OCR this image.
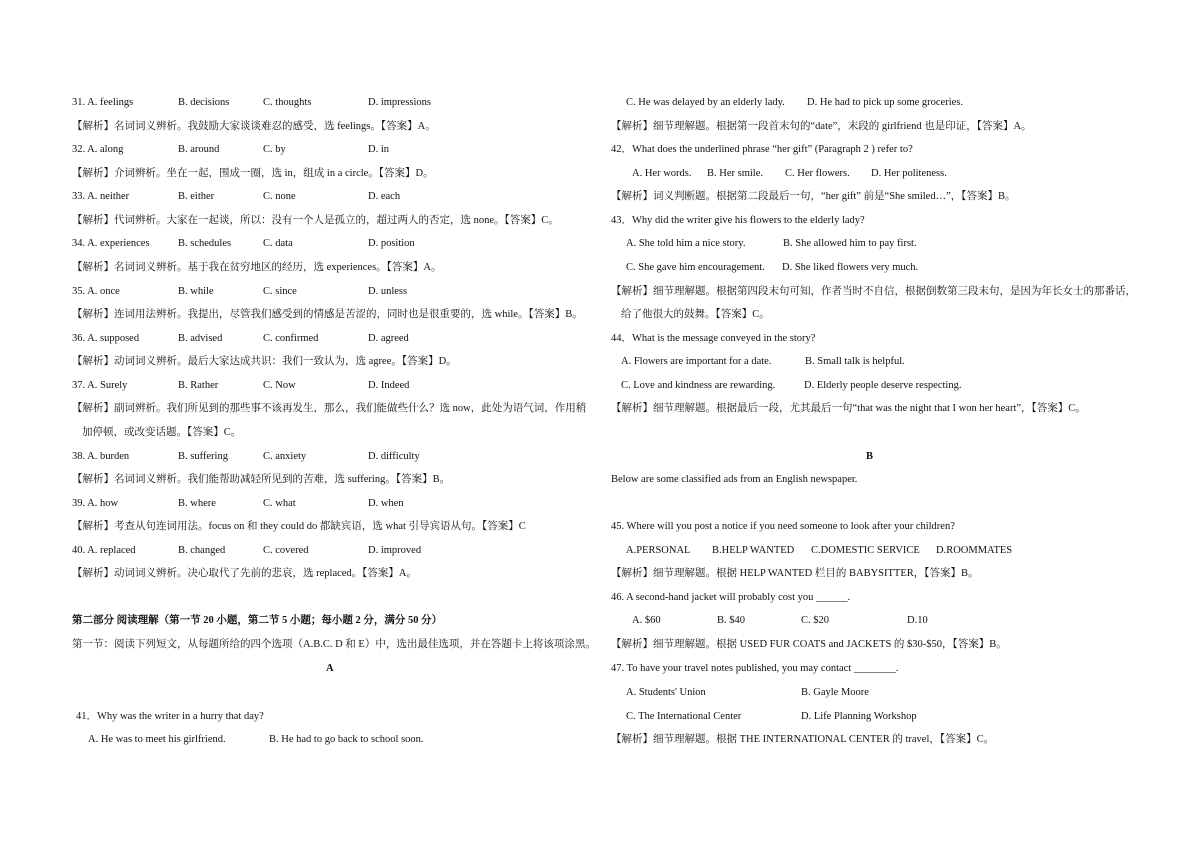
31. A. feelings	B. decisions	C. thoughts	D. impressions
【解析】名词词义辨析。我鼓励大家谈谈难忍的感受，选 feelings。【答案】A。
32. A. along	B. around	C. by	D. in
【解析】介词辨析。坐在一起，围成一圈，选 in，组成 in a circle。【答案】D。
33. A. neither	B. either	C. none	D. each
【解析】代词辨析。大家在一起谈，所以：没有一个人是孤立的，超过两人的否定，选 none。【答案】C。
34. A. experiences	B. schedules	C. data	D. position
【解析】名词词义辨析。基于我在贫穷地区的经历，选 experiences。【答案】A。
35. A. once	B. while	C. since	D. unless
【解析】连词用法辨析。我提出，尽管我们感受到的情感是苦涩的，同时也是很重要的，选 while。【答案】B。
36. A. supposed	B. advised	C. confirmed	D. agreed
【解析】动词词义辨析。最后大家达成共识：我们一致认为，选 agree。【答案】D。
37. A. Surely	B. Rather	C. Now	D. Indeed
【解析】副词辨析。我们所见到的那些事不该再发生，那么，我们能做些什么？选 now，此处为语气词，作用稍
加停顿，或改变话题。【答案】C。
38. A. burden	B. suffering	C. anxiety	D. difficulty
【解析】名词词义辨析。我们能帮助减轻所见到的苦难，选 suffering。【答案】B。
39. A. how	B. where	C. what	D. when
【解析】考查从句连词用法。focus on 和 they could do 都缺宾语，选 what 引导宾语从句。【答案】C
40. A. replaced	B. changed	C. covered	D. improved
【解析】动词词义辨析。决心取代了先前的悲哀，选 replaced。【答案】A。
第二部分 阅读理解（第一节 20 小题，第二节 5 小题；每小题 2 分，满分 50 分）
第一节：阅读下列短文，从每题所给的四个选项（A.B.C. D 和 E）中，选出最佳选项，并在答题卡上将该项涂黑。
A
41．Why was the writer in a hurry that day?
A. He was to meet his girlfriend.	B. He had to go back to school soon.
C. He was delayed by an elderly lady. D. He had to pick up some groceries.
【解析】细节理解题。根据第一段首末句的“date”，末段的 girlfriend 也是印证，【答案】A。
42．What does the underlined phrase “her gift” (Paragraph 2 ) refer to?
A. Her words. B. Her smile. C. Her flowers. D. Her politeness.
【解析】词义判断题。根据第二段最后一句，“her gift” 前是“She smiled…”，【答案】B。
43．Why did the writer give his flowers to the elderly lady?
A. She told him a nice story.	B. She allowed him to pay first.
C. She gave him encouragement. D. She liked flowers very much.
【解析】细节理解题。根据第四段末句可知，作者当时不自信，根据倒数第三段末句，是因为年长女士的那番话，
给了他很大的鼓舞。【答案】C。
44．What is the message conveyed in the story?
A. Flowers are important for a date.	B. Small talk is helpful.
C. Love and kindness are rewarding.	D. Elderly people deserve respecting.
【解析】细节理解题。根据最后一段，尤其最后一句“that was the night that I won her heart”，【答案】C。
B
Below are some classified ads from an English newspaper.
45. Where will you post a notice if you need someone to look after your children?
A.PERSONAL B.HELP WANTED C.DOMESTIC SERVICE D.ROOMMATES
【解析】细节理解题。根据 HELP WANTED 栏目的 BABYSITTER，【答案】B。
46. A second-hand jacket will probably cost you ______.
A. $60	B. $40	C. $20	D.10
【解析】细节理解题。根据 USED FUR COATS and JACKETS 的 $30-$50，【答案】B。
47. To have your travel notes published, you may contact ________.
A. Students' Union	B. Gayle Moore
C. The International Center	D. Life Planning Workshop
【解析】细节理解题。根据 THE INTERNATIONAL CENTER 的 travel，【答案】C。
